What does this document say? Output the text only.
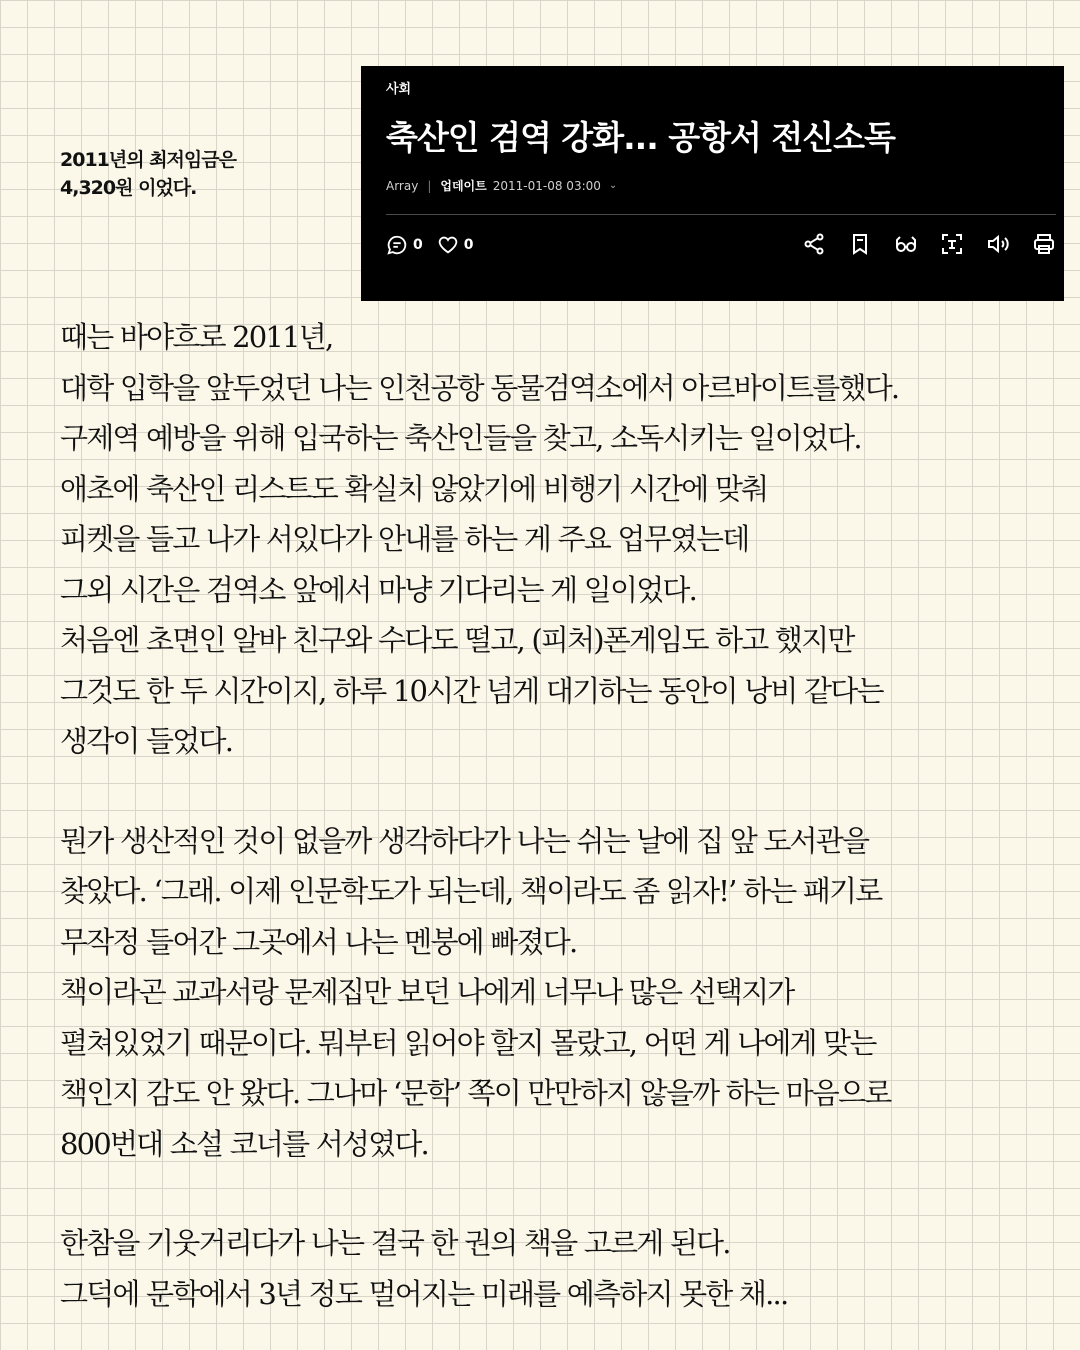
2011년의 최저임금은
4,320원 이었다.
사회
축산인 검역 강화... 공항서 전신소독
Array | 업데이트 2011-01-08 03:00 ⌄
0	0
때는 바야흐로 2011년,
대학 입학을 앞두었던 나는 인천공항 동물검역소에서 아르바이트를했다.
구제역 예방을 위해 입국하는 축산인들을 찾고, 소독시키는 일이었다.
애초에 축산인 리스트도 확실치 않았기에 비행기 시간에 맞춰
피켓을 들고 나가 서있다가 안내를 하는 게 주요 업무였는데
그외 시간은 검역소 앞에서 마냥 기다리는 게 일이었다.
처음엔 초면인 알바 친구와 수다도 떨고, (피처)폰게임도 하고 했지만
그것도 한 두 시간이지, 하루 10시간 넘게 대기하는 동안이 낭비 같다는
생각이 들었다.
뭔가 생산적인 것이 없을까 생각하다가 나는 쉬는 날에 집 앞 도서관을
찾았다. ‘그래. 이제 인문학도가 되는데, 책이라도 좀 읽자!’ 하는 패기로
무작정 들어간 그곳에서 나는 멘붕에 빠졌다.
책이라곤 교과서랑 문제집만 보던 나에게 너무나 많은 선택지가
펼쳐있었기 때문이다. 뭐부터 읽어야 할지 몰랐고, 어떤 게 나에게 맞는
책인지 감도 안 왔다. 그나마 ‘문학’ 쪽이 만만하지 않을까 하는 마음으로
800번대 소설 코너를 서성였다.
한참을 기웃거리다가 나는 결국 한 권의 책을 고르게 된다.
그덕에 문학에서 3년 정도 멀어지는 미래를 예측하지 못한 채...
